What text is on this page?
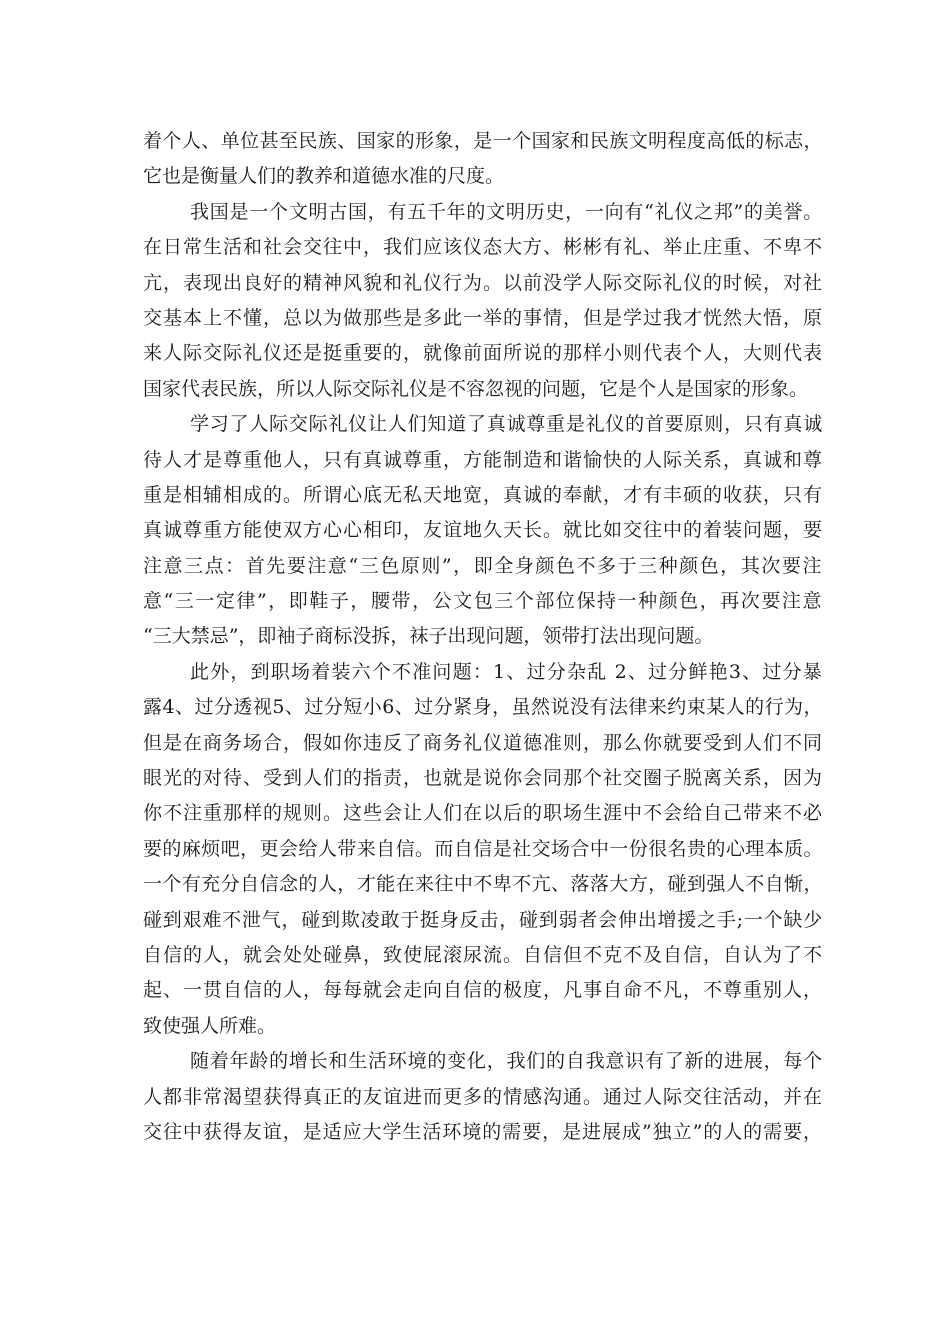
着个人、单位甚至民族、国家的形象，是一个国家和民族文明程度高低的标志，
它也是衡量人们的教养和道德水准的尺度。
我国是一个文明古国，有五千年的文明历史，一向有“礼仪之邦”的美誉。
在日常生活和社会交往中，我们应该仪态大方、彬彬有礼、举止庄重、不卑不
亢，表现出良好的精神风貌和礼仪行为。以前没学人际交际礼仪的时候，对社
交基本上不懂，总以为做那些是多此一举的事情，但是学过我才恍然大悟，原
来人际交际礼仪还是挺重要的，就像前面所说的那样小则代表个人，大则代表
国家代表民族，所以人际交际礼仪是不容忽视的问题，它是个人是国家的形象。
学习了人际交际礼仪让人们知道了真诚尊重是礼仪的首要原则，只有真诚
待人才是尊重他人，只有真诚尊重，方能制造和谐愉快的人际关系，真诚和尊
重是相辅相成的。所谓心底无私天地宽，真诚的奉献，才有丰硕的收获，只有
真诚尊重方能使双方心心相印，友谊地久天长。就比如交往中的着装问题，要
注意三点：首先要注意“三色原则”，即全身颜色不多于三种颜色，其次要注
意“三一定律”，即鞋子，腰带，公文包三个部位保持一种颜色，再次要注意
“三大禁忌”，即袖子商标没拆，袜子出现问题，领带打法出现问题。
此外，到职场着装六个不准问题：1、过分杂乱 2、过分鲜艳3、过分暴
露4、过分透视5、过分短小6、过分紧身，虽然说没有法律来约束某人的行为，
但是在商务场合，假如你违反了商务礼仪道德准则，那么你就要受到人们不同
眼光的对待、受到人们的指责，也就是说你会同那个社交圈子脱离关系，因为
你不注重那样的规则。这些会让人们在以后的职场生涯中不会给自己带来不必
要的麻烦吧，更会给人带来自信。而自信是社交场合中一份很名贵的心理本质。
一个有充分自信念的人，才能在来往中不卑不亢、落落大方，碰到强人不自惭，
碰到艰难不泄气，碰到欺凌敢于挺身反击，碰到弱者会伸出增援之手;一个缺少
自信的人，就会处处碰鼻，致使屁滚尿流。自信但不克不及自信，自认为了不
起、一贯自信的人，每每就会走向自信的极度，凡事自命不凡，不尊重别人，
致使强人所难。
随着年龄的增长和生活环境的变化，我们的自我意识有了新的进展，每个
人都非常渴望获得真正的友谊进而更多的情感沟通。通过人际交往活动，并在
交往中获得友谊，是适应大学生活环境的需要，是进展成”独立”的人的需要，
